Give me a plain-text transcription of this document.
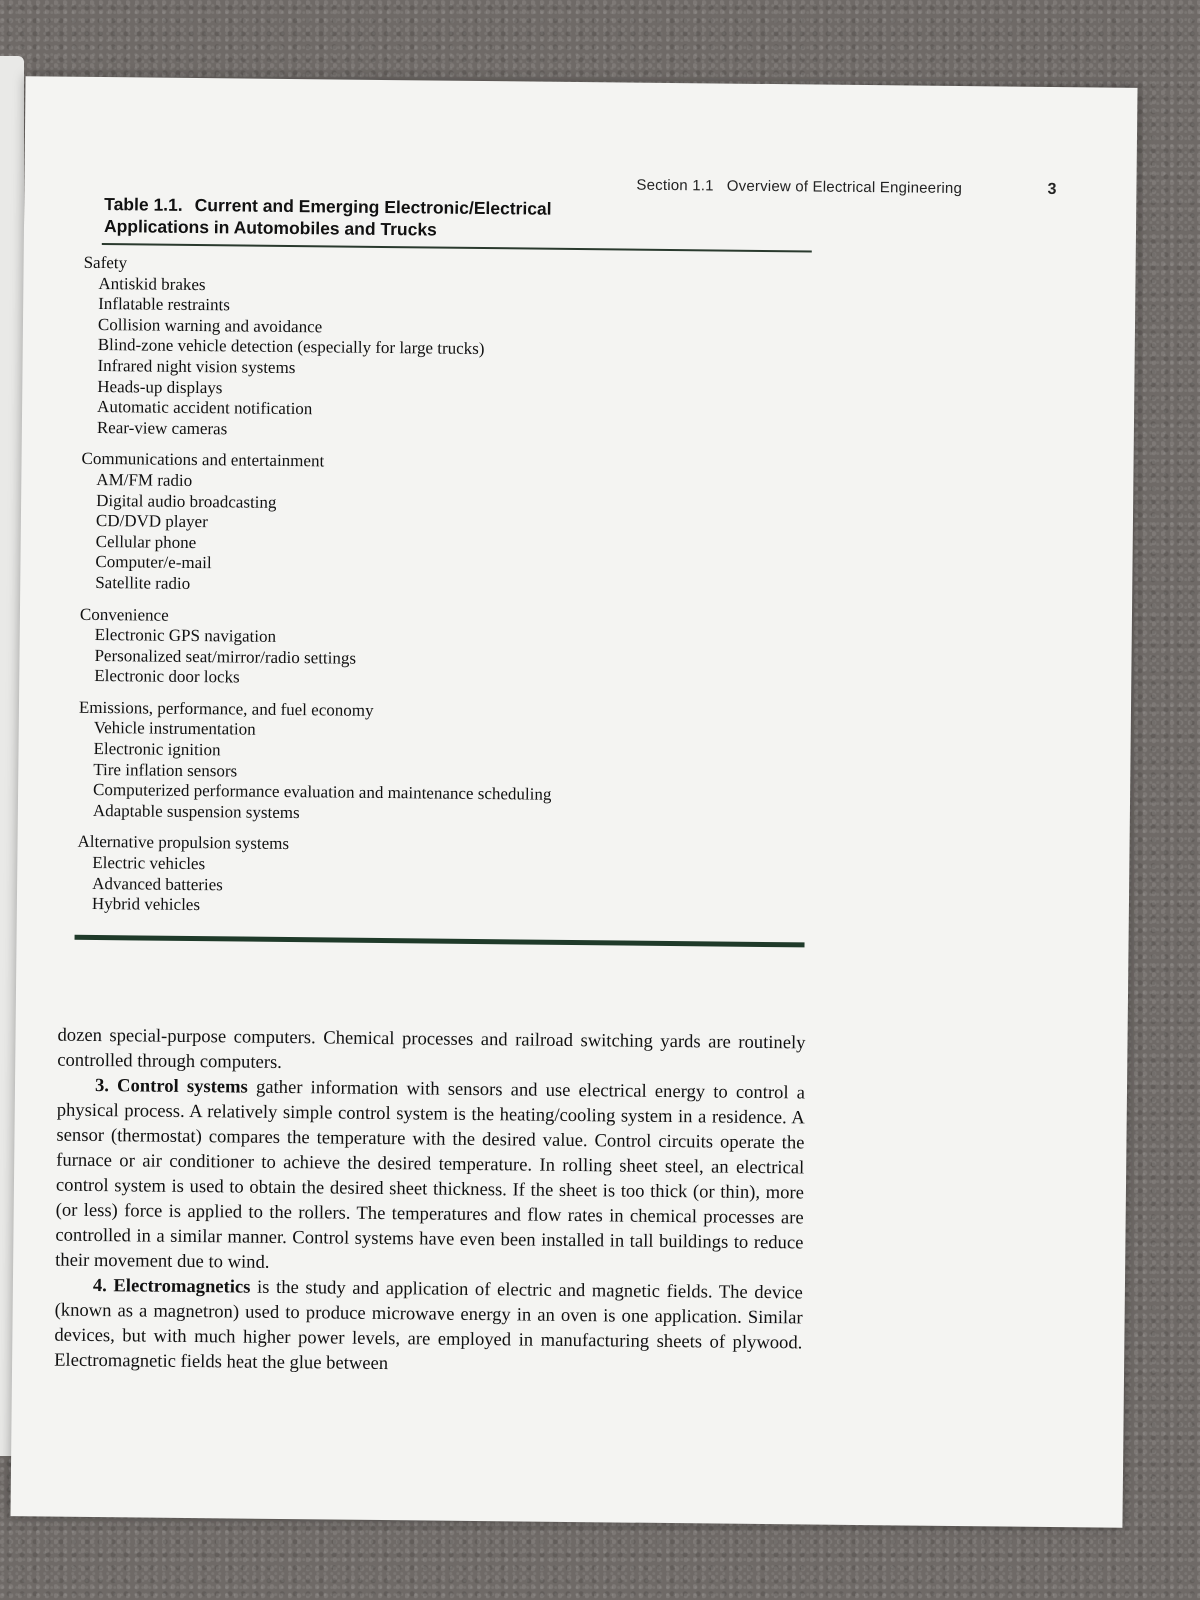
Section 1.1 Overview of Electrical Engineering	3
Table 1.1. Current and Emerging Electronic/Electrical
Applications in Automobiles and Trucks
Safety
Antiskid brakes
Inflatable restraints
Collision warning and avoidance
Blind-zone vehicle detection (especially for large trucks)
Infrared night vision systems
Heads-up displays
Automatic accident notification
Rear-view cameras
Communications and entertainment
AM/FM radio
Digital audio broadcasting
CD/DVD player
Cellular phone
Computer/e-mail
Satellite radio
Convenience
Electronic GPS navigation
Personalized seat/mirror/radio settings
Electronic door locks
Emissions, performance, and fuel economy
Vehicle instrumentation
Electronic ignition
Tire inflation sensors
Computerized performance evaluation and maintenance scheduling
Adaptable suspension systems
Alternative propulsion systems
Electric vehicles
Advanced batteries
Hybrid vehicles

dozen special-purpose computers. Chemical processes and railroad switching yards are routinely controlled through computers.

3. Control systems gather information with sensors and use electrical energy to control a physical process. A relatively simple control system is the heating/cooling system in a residence. A sensor (thermostat) compares the temperature with the desired value. Control circuits operate the furnace or air conditioner to achieve the desired temperature. In rolling sheet steel, an electrical control system is used to obtain the desired sheet thickness. If the sheet is too thick (or thin), more (or less) force is applied to the rollers. The temperatures and flow rates in chemical processes are controlled in a similar manner. Control systems have even been installed in tall buildings to reduce their movement due to wind.

4. Electromagnetics is the study and application of electric and magnetic fields. The device (known as a magnetron) used to produce microwave energy in an oven is one application. Similar devices, but with much higher power levels, are employed in manufacturing sheets of plywood. Electromagnetic fields heat the glue between
